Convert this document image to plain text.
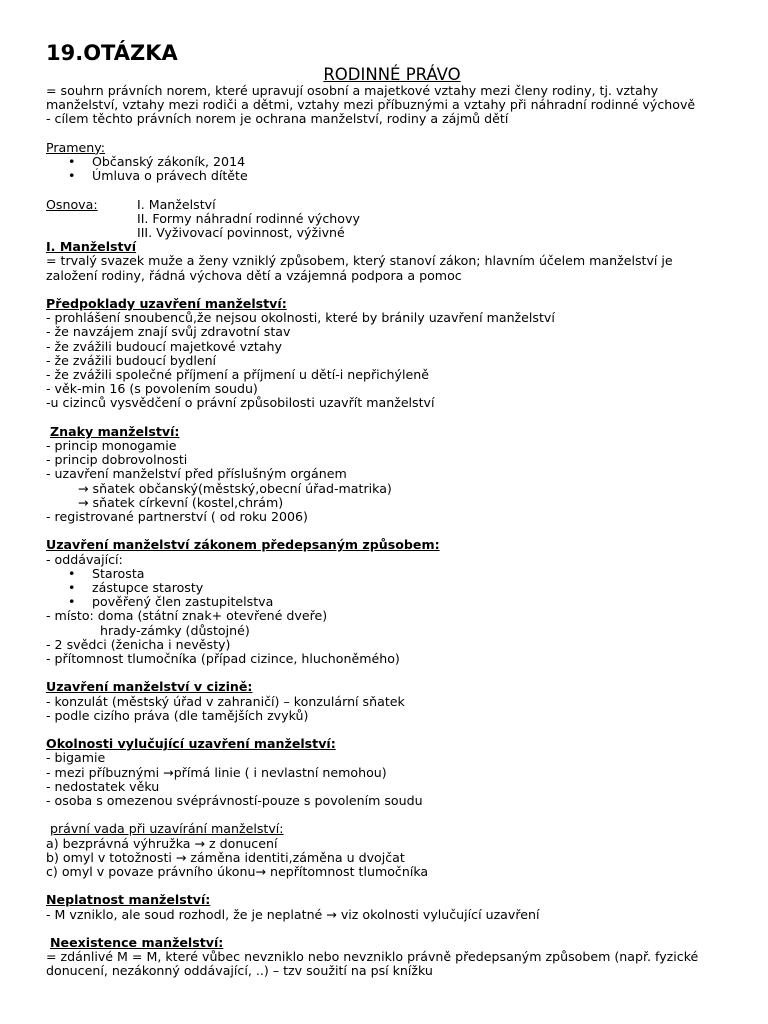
19.OTÁZKA
RODINNÉ PRÁVO
= souhrn právních norem, které upravují osobní a majetkové vztahy mezi členy rodiny, tj. vztahy
manželství, vztahy mezi rodiči a dětmi, vztahy mezi příbuznými a vztahy při náhradní rodinné výchově
- cílem těchto právních norem je ochrana manželství, rodiny a zájmů dětí
Prameny:
• Občanský zákoník, 2014
• Úmluva o právech dítěte
Osnova:	I. Manželství
II. Formy náhradní rodinné výchovy
III. Vyživovací povinnost, výživné
I. Manželství
= trvalý svazek muže a ženy vzniklý způsobem, který stanoví zákon; hlavním účelem manželství je
založení rodiny, řádná výchova dětí a vzájemná podpora a pomoc
Předpoklady uzavření manželství:
- prohlášení snoubenců,že nejsou okolnosti, které by bránily uzavření manželství
- že navzájem znají svůj zdravotní stav
- že zvážili budoucí majetkové vztahy
- že zvážili budoucí bydlení
- že zvážili společné příjmení a příjmení u dětí-i nepřichýleně
- věk-min 16 (s povolením soudu)
-u cizinců vysvědčení o právní způsobilosti uzavřít manželství
Znaky manželství:
- princip monogamie
- princip dobrovolnosti
- uzavření manželství před příslušným orgánem
→ sňatek občanský(městský,obecní úřad-matrika)
→ sňatek církevní (kostel,chrám)
- registrované partnerství ( od roku 2006)
Uzavření manželství zákonem předepsaným způsobem:
- oddávající:
• Starosta
• zástupce starosty
• pověřený člen zastupitelstva
- místo: doma (státní znak+ otevřené dveře)
hrady-zámky (důstojné)
- 2 svědci (ženicha i nevěsty)
- přítomnost tlumočníka (případ cizince, hluchoněmého)
Uzavření manželství v cizině:
- konzulát (městský úřad v zahraničí) – konzulární sňatek
- podle cizího práva (dle tamějších zvyků)
Okolnosti vylučující uzavření manželství:
- bigamie
- mezi příbuznými →přímá linie ( i nevlastní nemohou)
- nedostatek věku
- osoba s omezenou svéprávností-pouze s povolením soudu
právní vada při uzavírání manželství:
a) bezprávná výhružka → z donucení
b) omyl v totožnosti → záměna identiti,záměna u dvojčat
c) omyl v povaze právního úkonu→ nepřítomnost tlumočníka
Neplatnost manželství:
- M vzniklo, ale soud rozhodl, že je neplatné → viz okolnosti vylučující uzavření
Neexistence manželství:
= zdánlivé M = M, které vůbec nevzniklo nebo nevzniklo právně předepsaným způsobem (např. fyzické
donucení, nezákonný oddávající, ..) – tzv soužití na psí knížku
